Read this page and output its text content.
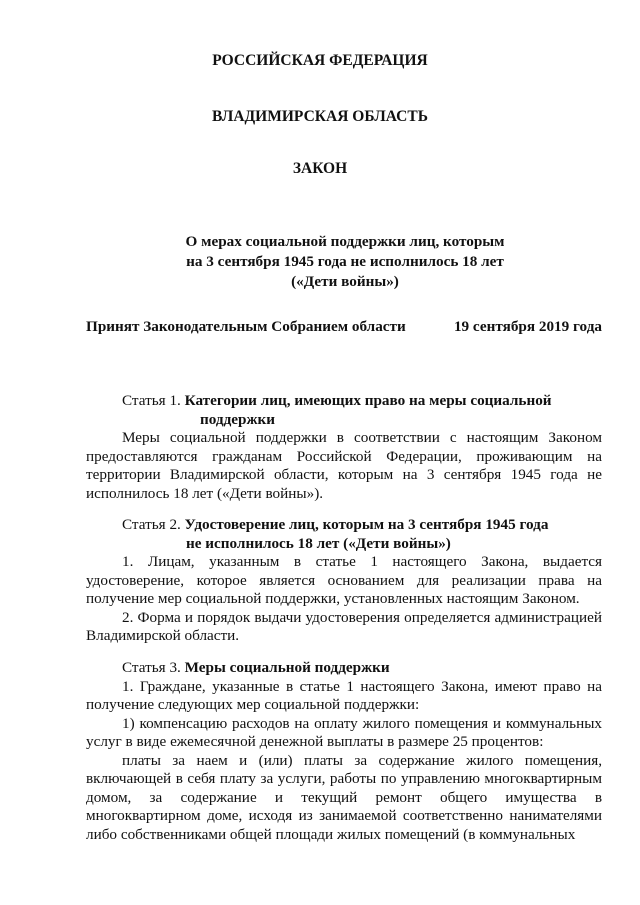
РОССИЙСКАЯ ФЕДЕРАЦИЯ
ВЛАДИМИРСКАЯ ОБЛАСТЬ
ЗАКОН
О мерах социальной поддержки лиц, которым
на 3 сентября 1945 года не исполнилось 18 лет
(«Дети войны»)
Принят Законодательным Собранием области	19 сентября 2019 года
Статья 1. Категории лиц, имеющих право на меры социальной
поддержки

Меры социальной поддержки в соответствии с настоящим Законом предоставляются гражданам Российской Федерации, проживающим на территории Владимирской области, которым на 3 сентября 1945 года не исполнилось 18 лет («Дети войны»).

Статья 2. Удостоверение лиц, которым на 3 сентября 1945 года
не исполнилось 18 лет («Дети войны»)

1. Лицам, указанным в статье 1 настоящего Закона, выдается удостоверение, которое является основанием для реализации права на получение мер социальной поддержки, установленных настоящим Законом.

2. Форма и порядок выдачи удостоверения определяется администрацией Владимирской области.

Статья 3. Меры социальной поддержки

1. Граждане, указанные в статье 1 настоящего Закона, имеют право на получение следующих мер социальной поддержки:

1) компенсацию расходов на оплату жилого помещения и коммунальных услуг в виде ежемесячной денежной выплаты в размере 25 процентов:

платы за наем и (или) платы за содержание жилого помещения, включающей в себя плату за услуги, работы по управлению многоквартирным домом, за содержание и текущий ремонт общего имущества в многоквартирном доме, исходя из занимаемой соответственно нанимателями либо собственниками общей площади жилых помещений (в коммунальных
